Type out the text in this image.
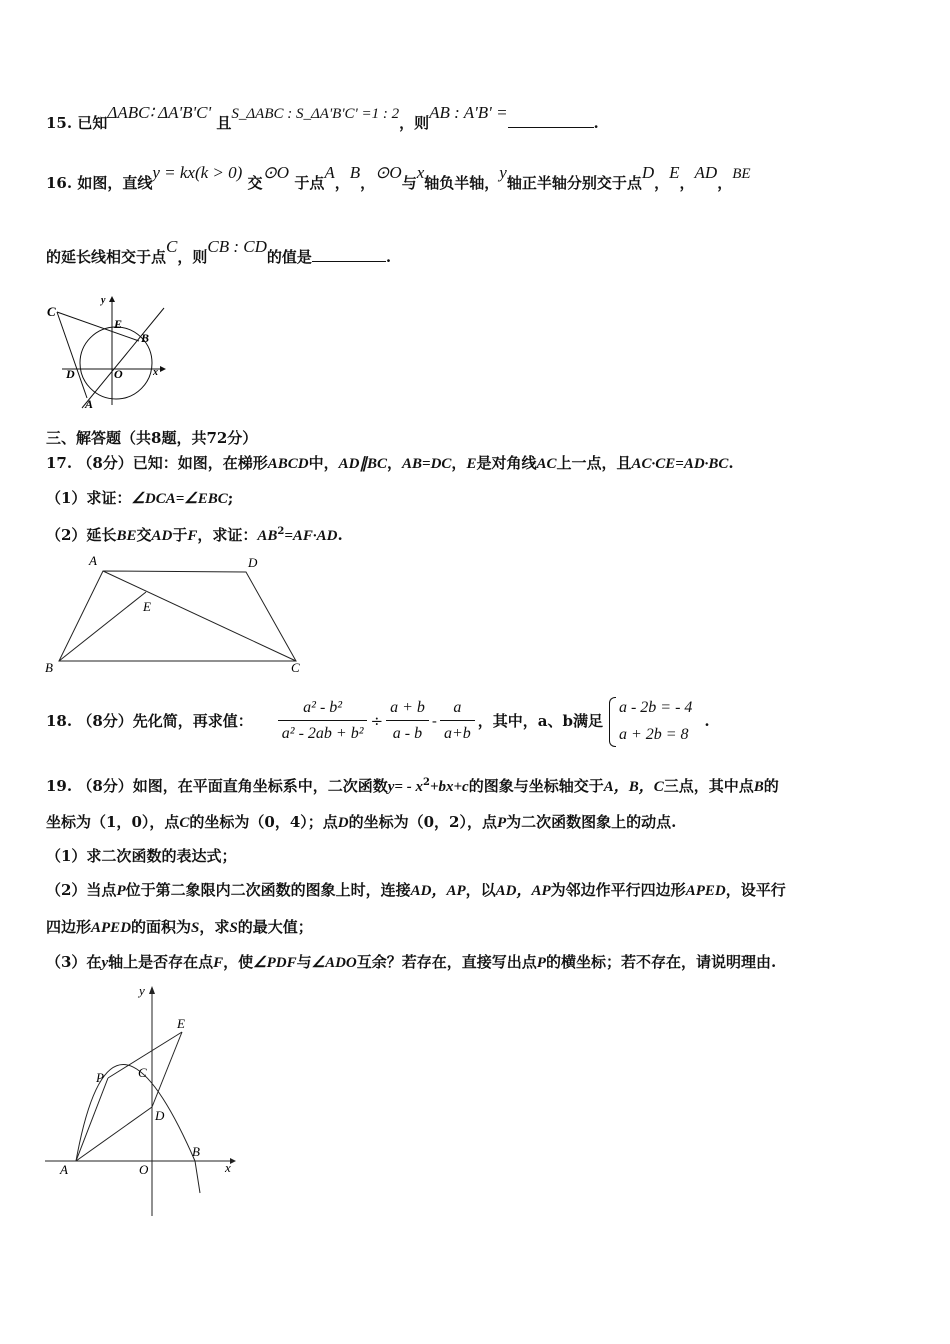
15. 已知ΔABC∶ ΔA'B'C' 且S_ΔABC : S_ΔA'B'C' =1 : 2，则AB : A'B' =.
16. 如图，直线y = kx(k > 0) 交⊙O 于点A，B，⊙O与x轴负半轴，y轴正半轴分别交于点D，E，AD，BE
的延长线相交于点C，则CB : CD的值是	.
C
E
B
D	O
A
x
y
三、解答题（共8题，共72分）
17. （8分）已知：如图，在梯形ABCD中，AD∥BC，AB=DC，E是对角线AC上一点，且AC·CE=AD·BC.
（1）求证：∠DCA=∠EBC;
（2）延长BE交AD于F，求证：$AB^2=AF\cdot AD$.
A	D
E
B	C
18. （8分）先化简，再求值： $\frac{\text{a² - b²}}{\text{a² - 2ab + b²}} \div \frac{a + b}{a - b} - \frac{a}{a+b}$ ，其中，a、b满足
a - 2b = - 4
a + 2b = 8
.
19. （8分）如图，在平面直角坐标系中，二次函数$y= - x^2+bx+c$的图象与坐标轴交于A，B，C三点，其中点B的
坐标为（1，0），点C的坐标为（0，4）；点D的坐标为（0，2），点P为二次函数图象上的动点.
（1）求二次函数的表达式；
（2）当点P位于第二象限内二次函数的图象上时，连接AD，AP，以AD，AP为邻边作平行四边形APED，设平行
四边形APED的面积为S，求S的最大值；
（3）在y轴上是否存在点F，使∠PDF与∠ADO互余？若存在，直接写出点P的横坐标；若不存在，请说明理由.
y
E
P	C
D
A	O
B
x
